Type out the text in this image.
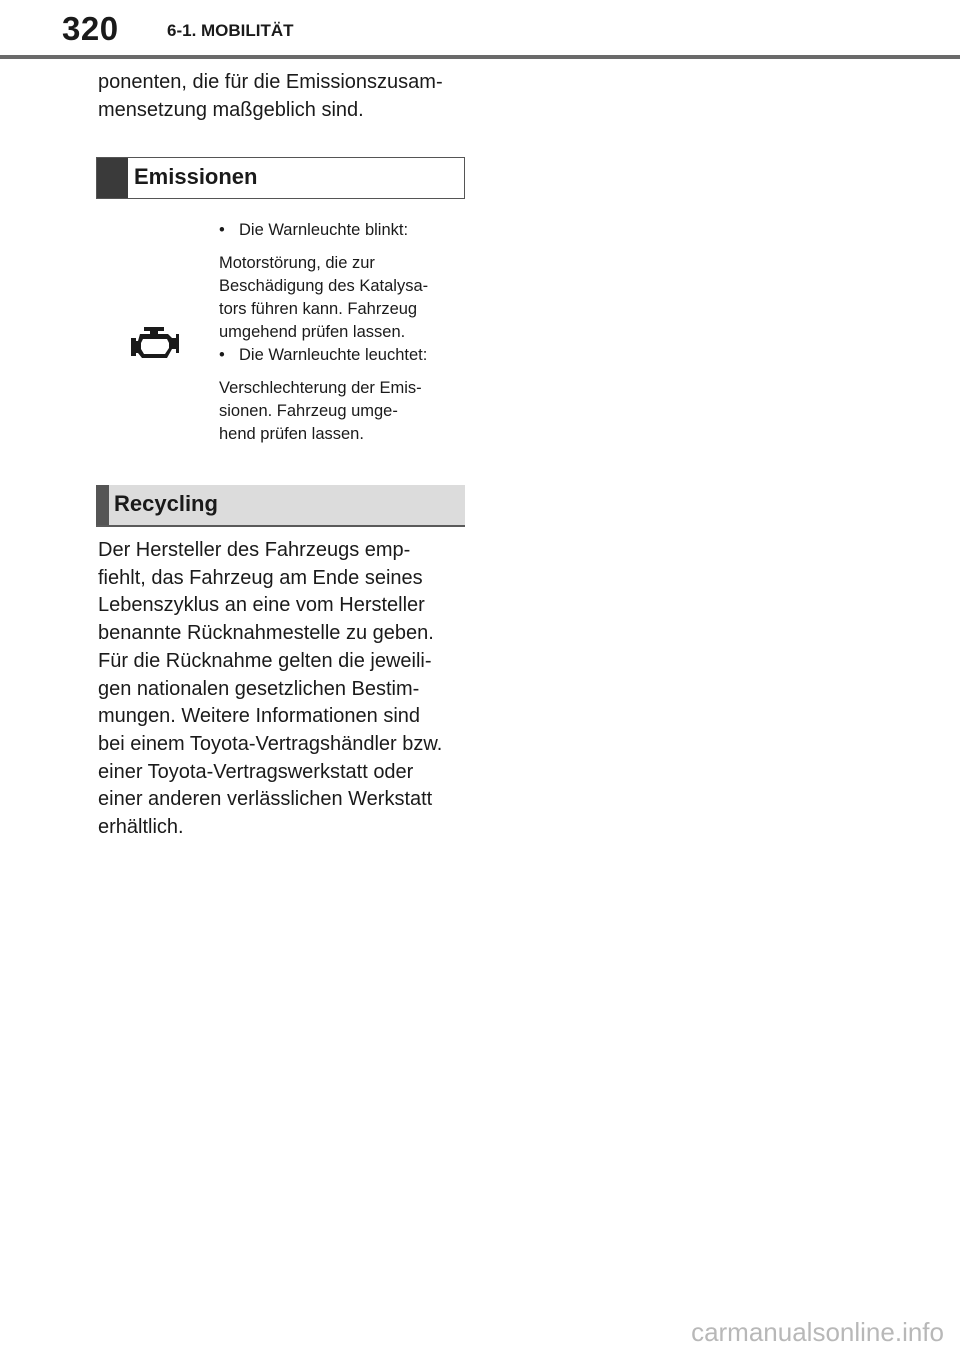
320	6-1. MOBILITÄT

ponenten, die für die Emissionszusam-
mensetzung maßgeblich sind.

Emissionen
• Die Warnleuchte blinkt:
Motorstörung, die zur
Beschädigung des Katalysa-
tors führen kann. Fahrzeug
umgehend prüfen lassen.
• Die Warnleuchte leuchtet:
Verschlechterung der Emis-
sionen. Fahrzeug umge-
hend prüfen lassen.
Recycling

Der Hersteller des Fahrzeugs emp-
fiehlt, das Fahrzeug am Ende seines
Lebenszyklus an eine vom Hersteller
benannte Rücknahmestelle zu geben.
Für die Rücknahme gelten die jeweili-
gen nationalen gesetzlichen Bestim-
mungen. Weitere Informationen sind
bei einem Toyota-Vertragshändler bzw.
einer Toyota-Vertragswerkstatt oder
einer anderen verlässlichen Werkstatt
erhältlich.

carmanualsonline.info
